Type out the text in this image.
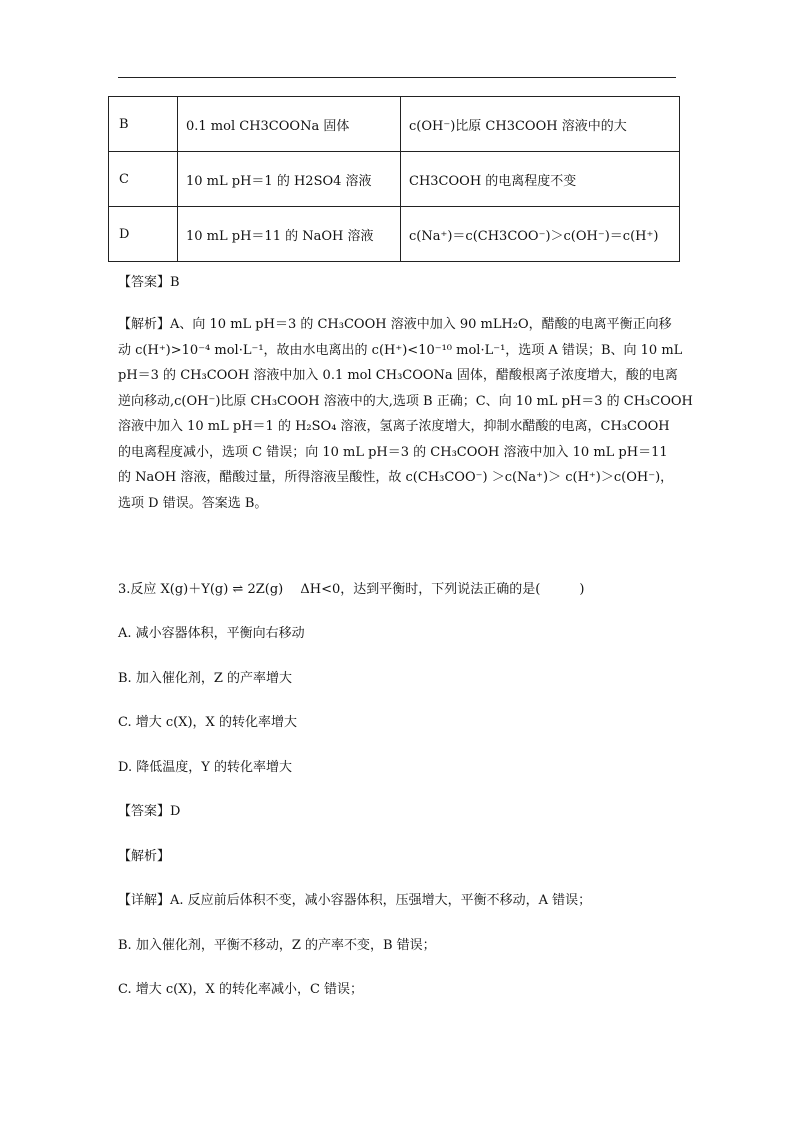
B	0.1 mol CH3COONa 固体	c(OH⁻)比原 CH3COOH 溶液中的大
C	10 mL pH＝1 的 H2SO4 溶液	CH3COOH 的电离程度不变
D	10 mL pH＝11 的 NaOH 溶液	c(Na⁺)＝c(CH3COO⁻)＞c(OH⁻)＝c(H⁺)
【答案】B
【解析】A、向 10 mL pH＝3 的 CH₃COOH 溶液中加入 90 mLH₂O，醋酸的电离平衡正向移
动 c(H⁺)>10⁻⁴ mol·L⁻¹，故由水电离出的 c(H⁺)<10⁻¹⁰ mol·L⁻¹，选项 A 错误；B、向 10 mL
pH＝3 的 CH₃COOH 溶液中加入 0.1 mol CH₃COONa 固体，醋酸根离子浓度增大，酸的电离
逆向移动,c(OH⁻)比原 CH₃COOH 溶液中的大,选项 B 正确；C、向 10 mL pH＝3 的 CH₃COOH
溶液中加入 10 mL pH＝1 的 H₂SO₄ 溶液，氢离子浓度增大，抑制水醋酸的电离，CH₃COOH
的电离程度减小，选项 C 错误；向 10 mL pH＝3 的 CH₃COOH 溶液中加入 10 mL pH＝11
的 NaOH 溶液，醋酸过量，所得溶液呈酸性，故 c(CH₃COO⁻) ＞c(Na⁺)＞ c(H⁺)＞c(OH⁻)，
选项 D 错误。答案选 B。
3.反应 X(g)＋Y(g) ⇌ 2Z(g)　 ΔH<0，达到平衡时，下列说法正确的是(　　　)
A. 减小容器体积，平衡向右移动
B. 加入催化剂，Z 的产率增大
C. 增大 c(X)，X 的转化率增大
D. 降低温度，Y 的转化率增大
【答案】D
【解析】
【详解】A. 反应前后体积不变，减小容器体积，压强增大，平衡不移动，A 错误；
B. 加入催化剂，平衡不移动，Z 的产率不变，B 错误；
C. 增大 c(X)，X 的转化率减小，C 错误；
